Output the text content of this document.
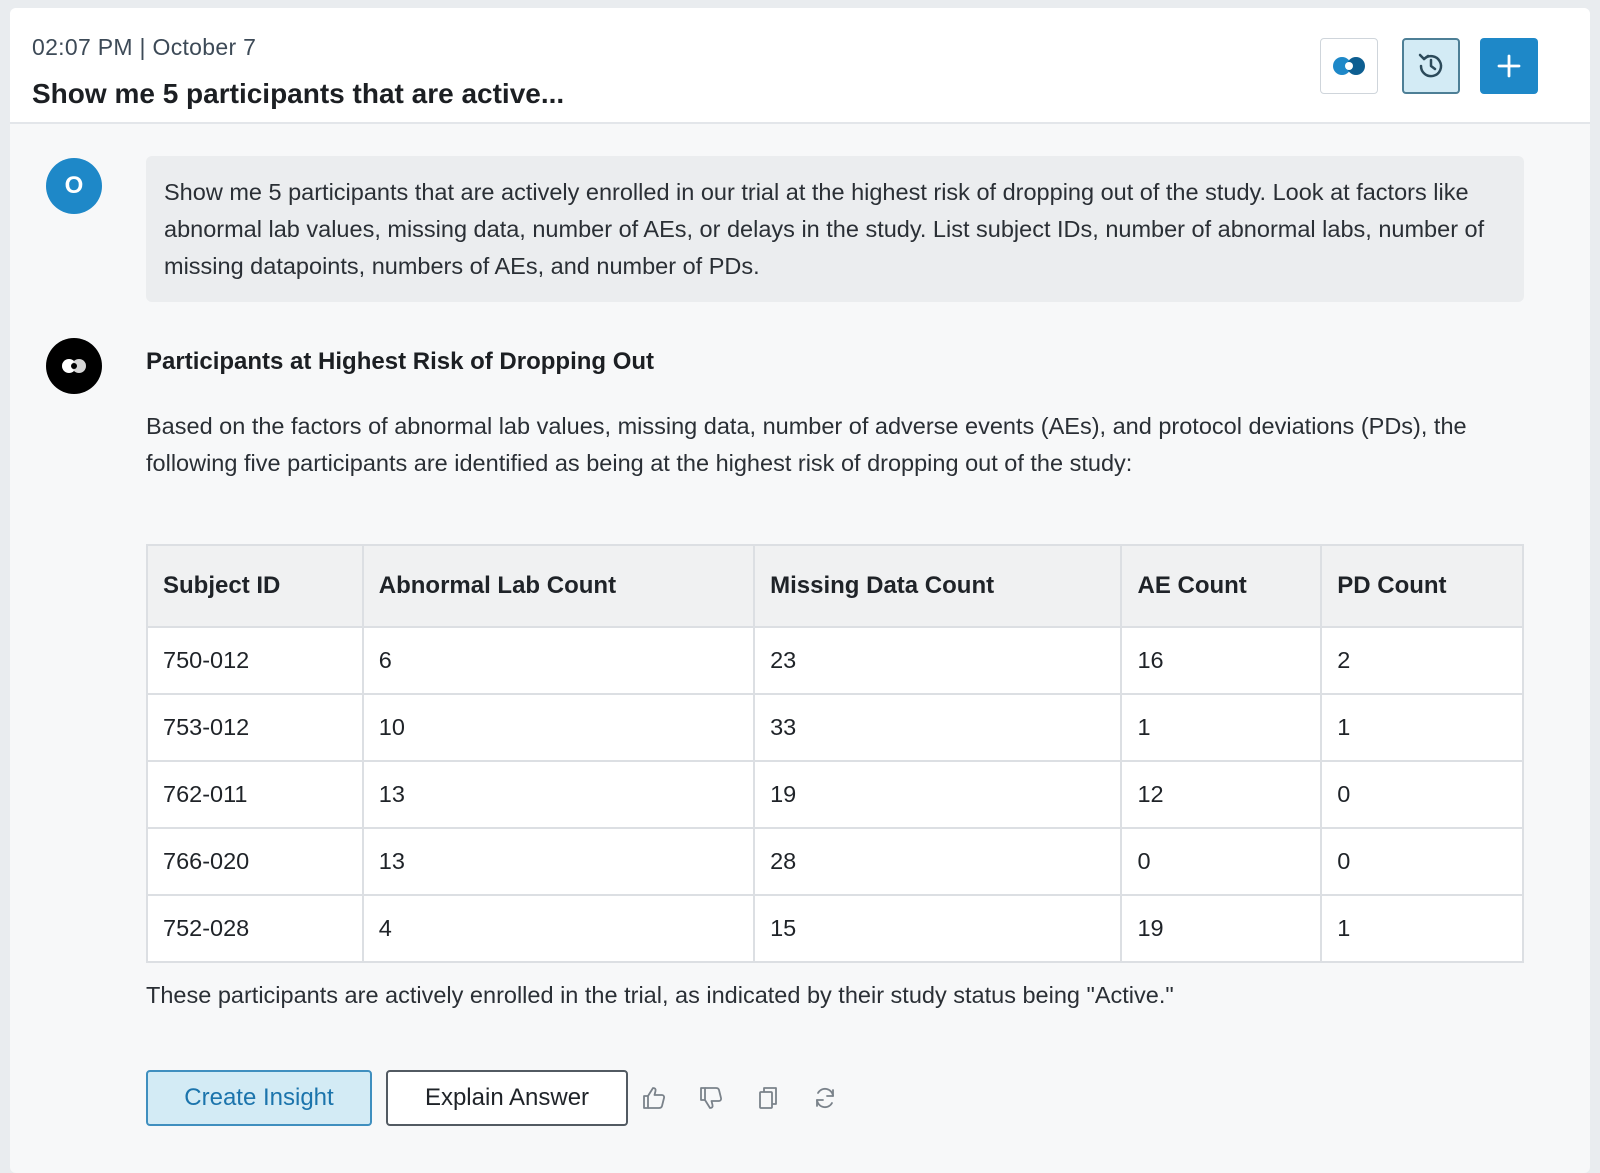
02:07 PM | October 7
Show me 5 participants that are active...
O	Show me 5 participants that are actively enrolled in our trial at the highest risk of dropping out of the study. Look at factors like abnormal lab values, missing data, number of AEs, or delays in the study. List subject IDs, number of abnormal labs, number of missing datapoints, numbers of AEs, and number of PDs.
Participants at Highest Risk of Dropping Out
Based on the factors of abnormal lab values, missing data, number of adverse events (AEs), and protocol deviations (PDs), the following five participants are identified as being at the highest risk of dropping out of the study:
Subject ID	Abnormal Lab Count	Missing Data Count	AE Count	PD Count
750-012	6	23	16	2
753-012	10	33	1	1
762-011	13	19	12	0
766-020	13	28	0	0
752-028	4	15	19	1
These participants are actively enrolled in the trial, as indicated by their study status being "Active."
Create Insight	Explain Answer
